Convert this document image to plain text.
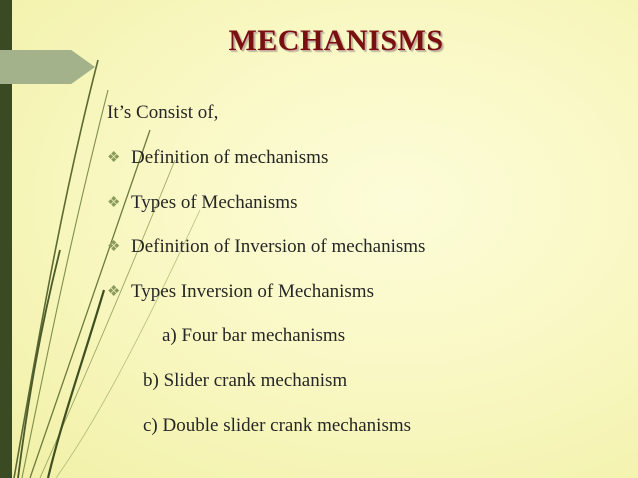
MECHANISMS
It’s Consist of,
❖ Definition of mechanisms
❖ Types of Mechanisms
❖ Definition of Inversion of mechanisms
❖ Types Inversion of Mechanisms
a) Four bar mechanisms
b) Slider crank mechanism
c) Double slider crank mechanisms
